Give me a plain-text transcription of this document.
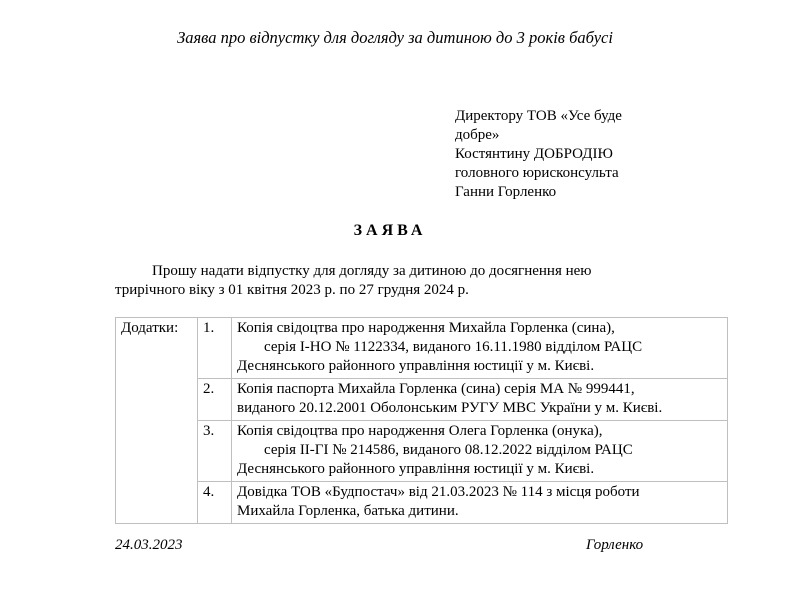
Заява про відпустку для догляду за дитиною до 3 років бабусі
Директору ТОВ «Усе буде
добре»
Костянтину ДОБРОДІЮ
головного юрисконсульта
Ганни Горленко
ЗАЯВА
Прошу надати відпустку для догляду за дитиною до досягнення нею
трирічного віку з 01 квітня 2023 р. по 27 грудня 2024 р.
Додатки:	1.	Копія свідоцтва про народження Михайла Горленка (сина),
серія І-НО № 1122334, виданого 16.11.1980 відділом РАЦС
Деснянського районного управління юстиції у м. Києві.

	2.	Копія паспорта Михайла Горленка (сина) серія МА № 999441,
виданого 20.12.2001 Оболонським РУГУ МВС України у м. Києві.

	3.	Копія свідоцтва про народження Олега Горленка (онука),
серія ІІ-ГІ № 214586, виданого 08.12.2022 відділом РАЦС
Деснянського районного управління юстиції у м. Києві.

	4.	Довідка ТОВ «Будпостач» від 21.03.2023 № 114 з місця роботи
Михайла Горленка, батька дитини.
24.03.2023	Горленко
